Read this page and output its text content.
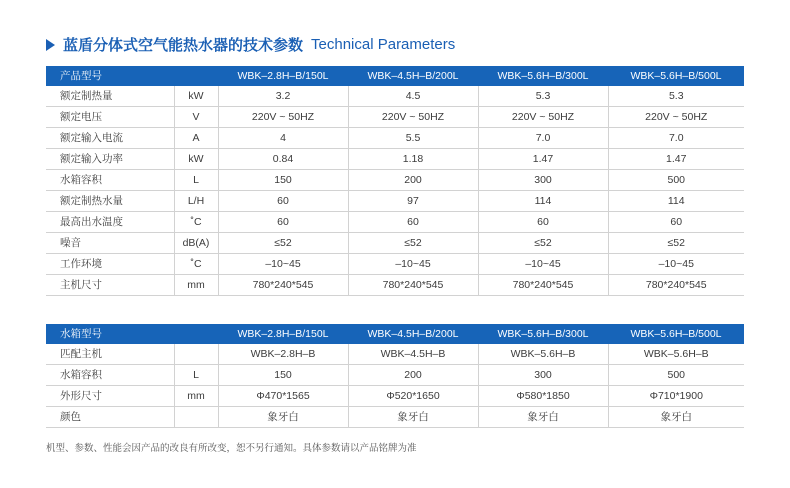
蓝盾分体式空气能热水器的技术参数 Technical Parameters
产品型号		WBK–2.8H–B/150L	WBK–4.5H–B/200L	WBK–5.6H–B/300L	WBK–5.6H–B/500L
额定制热量	kW	3.2	4.5	5.3	5.3
额定电压	V	220V ~ 50HZ	220V ~ 50HZ	220V ~ 50HZ	220V ~ 50HZ
额定输入电流	A	4	5.5	7.0	7.0
额定输入功率	kW	0.84	1.18	1.47	1.47
水箱容积	L	150	200	300	500
额定制热水量	L/H	60	97	114	114
最高出水温度	˚C	60	60	60	60
噪音	dB(A)	≤52	≤52	≤52	≤52
工作环境	˚C	–10~45	–10~45	–10~45	–10~45
主机尺寸	mm	780*240*545	780*240*545	780*240*545	780*240*545
水箱型号		WBK–2.8H–B/150L	WBK–4.5H–B/200L	WBK–5.6H–B/300L	WBK–5.6H–B/500L
匹配主机		WBK–2.8H–B	WBK–4.5H–B	WBK–5.6H–B	WBK–5.6H–B
水箱容积	L	150	200	300	500
外形尺寸	mm	Φ470*1565	Φ520*1650	Φ580*1850	Φ710*1900
颜色		象牙白	象牙白	象牙白	象牙白
机型、参数、性能会因产品的改良有所改变，恕不另行通知。具体参数请以产品铭牌为准
